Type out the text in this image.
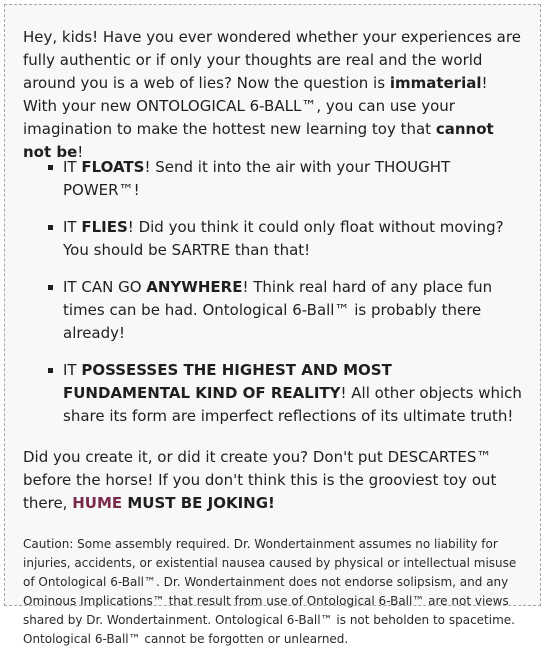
Hey, kids! Have you ever wondered whether your experiences are fully authentic or if only your thoughts are real and the world around you is a web of lies? Now the question is immaterial! With your new ONTOLOGICAL 6-BALL™, you can use your imagination to make the hottest new learning toy that cannot not be!

IT FLOATS! Send it into the air with your THOUGHT POWER™!
IT FLIES! Did you think it could only float without moving? You should be SARTRE than that!
IT CAN GO ANYWHERE! Think real hard of any place fun times can be had. Ontological 6-Ball™ is probably there already!
IT POSSESSES THE HIGHEST AND MOST FUNDAMENTAL KIND OF REALITY! All other objects which share its form are imperfect reflections of its ultimate truth!

Did you create it, or did it create you? Don't put DESCARTES™ before the horse! If you don't think this is the grooviest toy out there, HUME MUST BE JOKING!

Caution: Some assembly required. Dr. Wondertainment assumes no liability for injuries, accidents, or existential nausea caused by physical or intellectual misuse of Ontological 6-Ball™. Dr. Wondertainment does not endorse solipsism, and any Ominous Implications™ that result from use of Ontological 6-Ball™ are not views shared by Dr. Wondertainment. Ontological 6-Ball™ is not beholden to spacetime. Ontological 6-Ball™ cannot be forgotten or unlearned.
